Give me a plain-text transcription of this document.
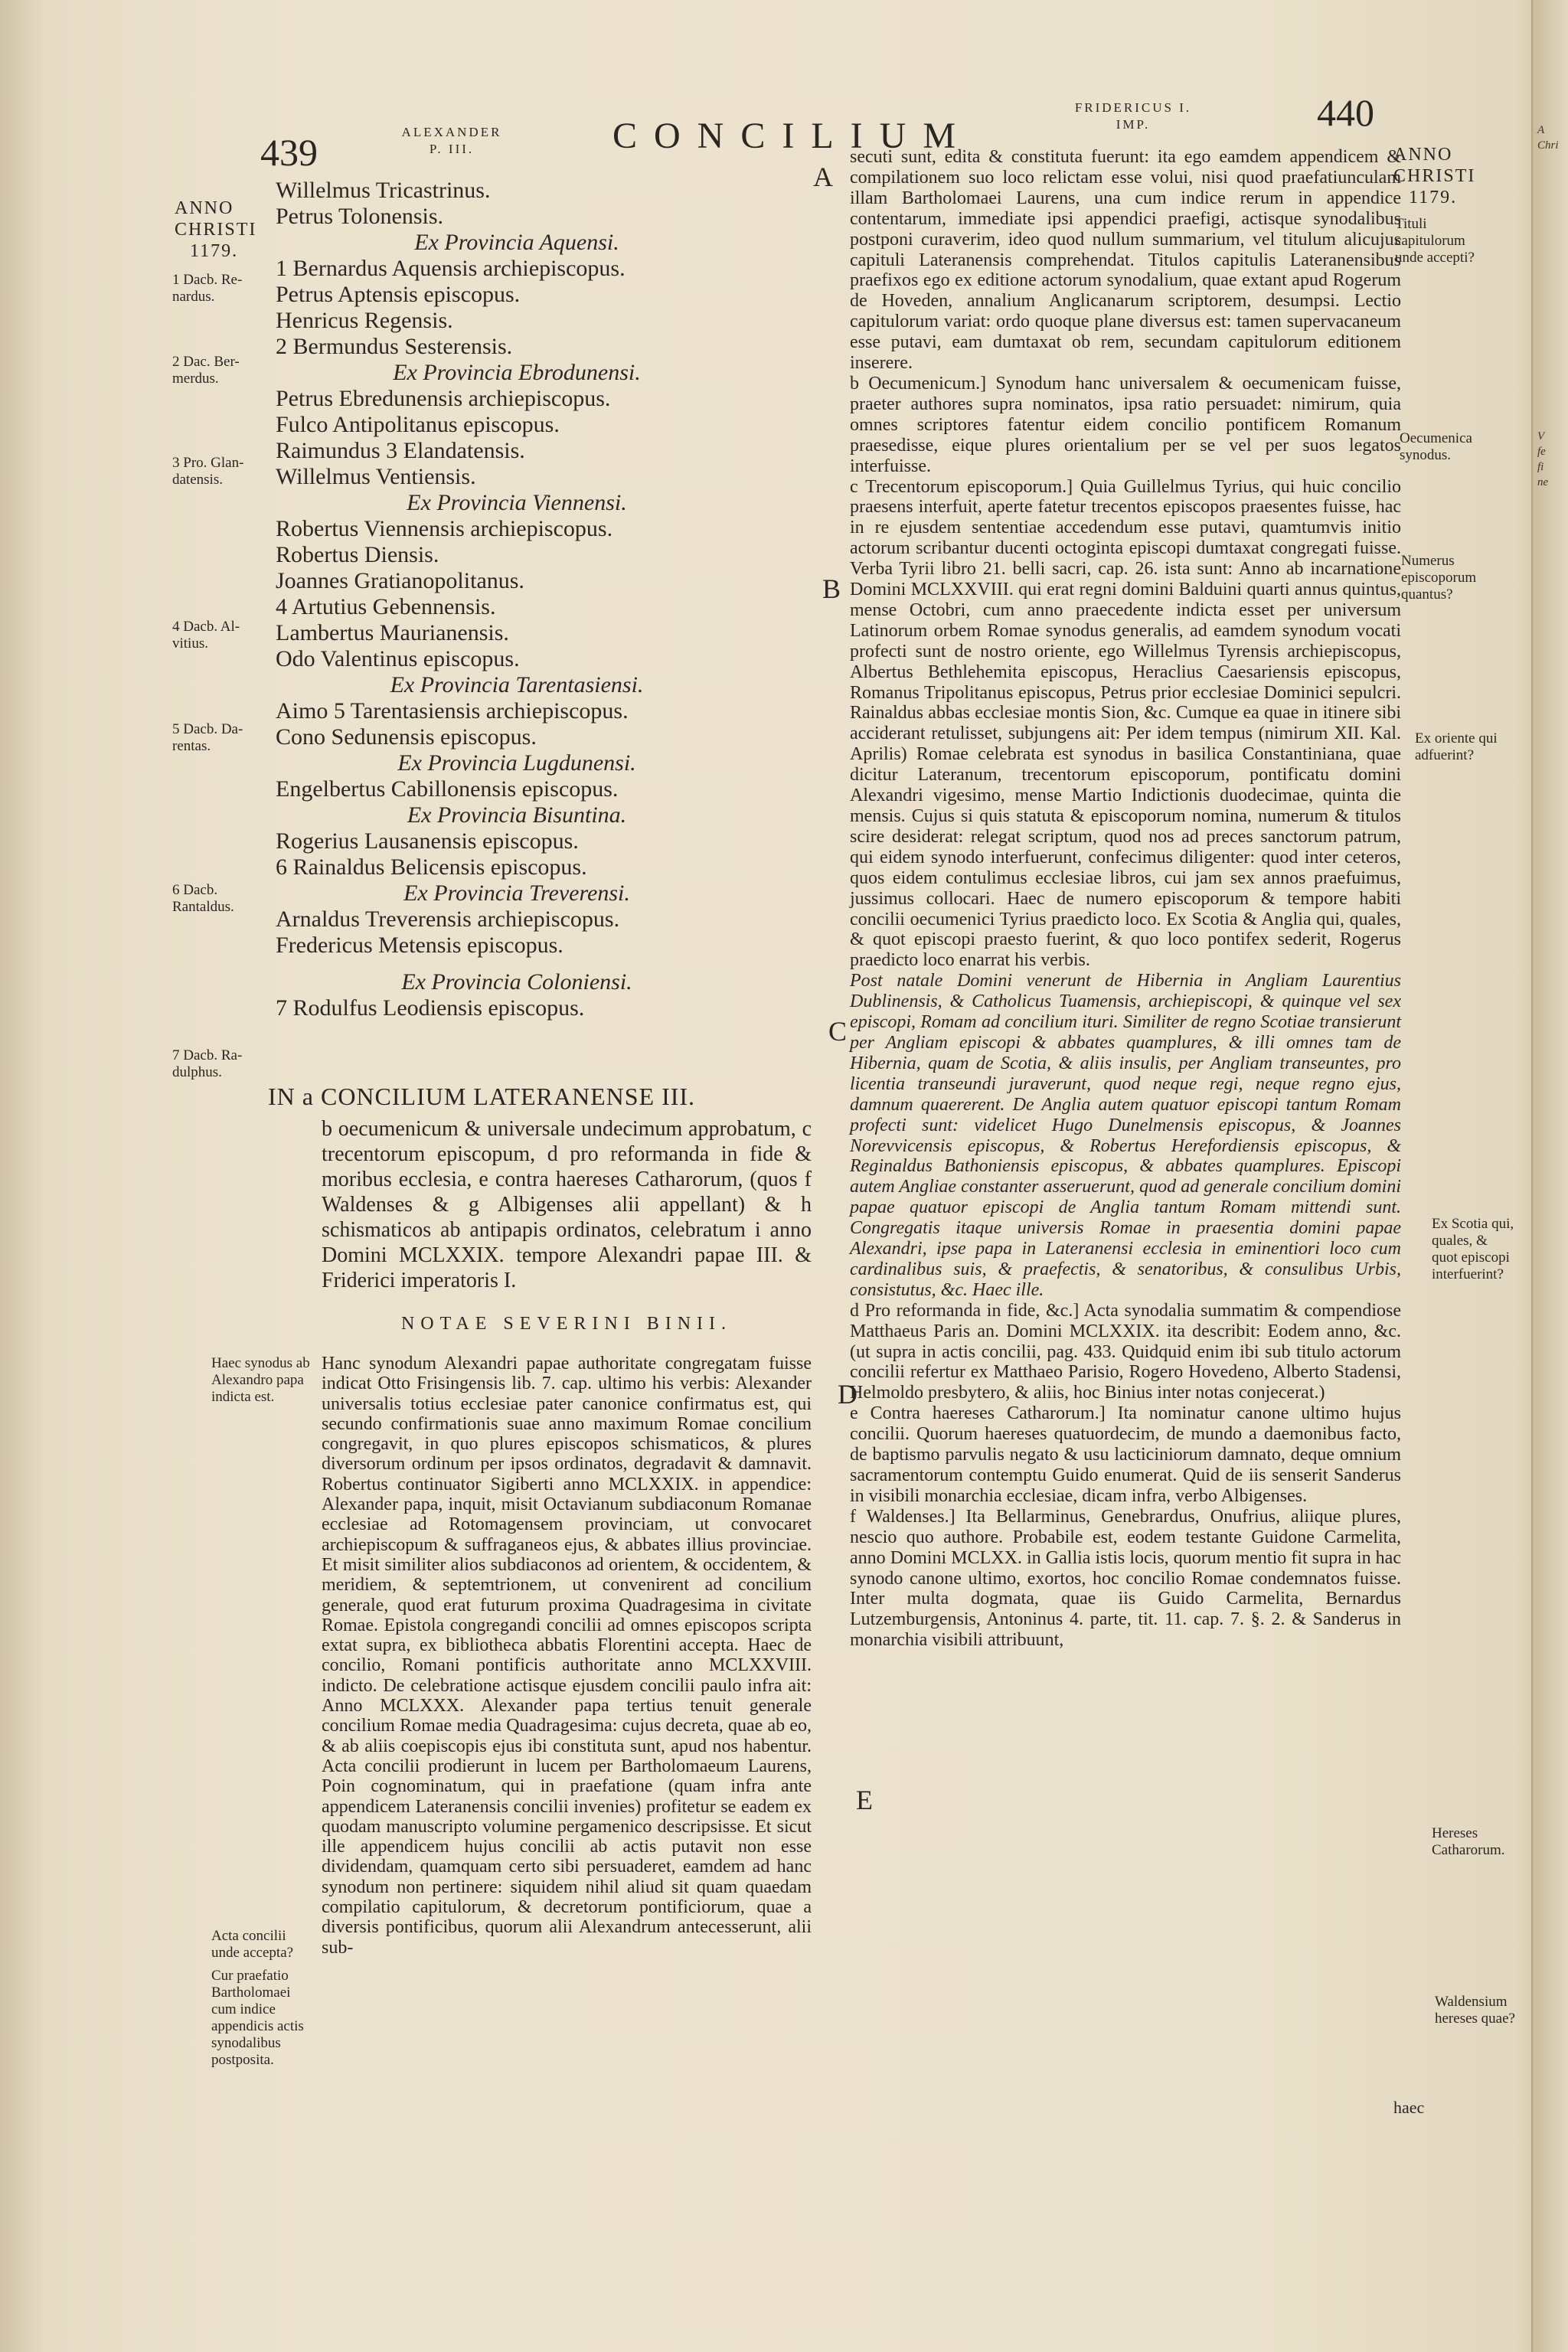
439	ALEXANDER
P. III.	CONCILIUM
FRIDERICUS I.
IMP.	440
ANNO
CHRISTI
1179.
1 Dacb. Re-nardus.
2 Dac. Ber-merdus.
3 Pro. Glan-datensis.
4 Dacb. Al-vitius.
5 Dacb. Da-rentas.
6 Dacb. Rantaldus.
7 Dacb. Ra-dulphus.
Willelmus Tricastrinus.
Petrus Tolonensis.
Ex Provincia Aquensi.
1 Bernardus Aquensis archiepiscopus.
Petrus Aptensis episcopus.
Henricus Regensis.
2 Bermundus Sesterensis.
Ex Provincia Ebrodunensi.
Petrus Ebredunensis archiepiscopus.
Fulco Antipolitanus episcopus.
Raimundus 3 Elandatensis.
Willelmus Ventiensis.
Ex Provincia Viennensi.
Robertus Viennensis archiepiscopus.
Robertus Diensis.
Joannes Gratianopolitanus.
4 Artutius Gebennensis.
Lambertus Maurianensis.
Odo Valentinus episcopus.
Ex Provincia Tarentasiensi.
Aimo 5 Tarentasiensis archiepiscopus.
Cono Sedunensis episcopus.
Ex Provincia Lugdunensi.
Engelbertus Cabillonensis episcopus.
Ex Provincia Bisuntina.
Rogerius Lausanensis episcopus.
6 Rainaldus Belicensis episcopus.
Ex Provincia Treverensi.
Arnaldus Treverensis archiepiscopus.
Fredericus Metensis episcopus.
Ex Provincia Coloniensi.
7 Rodulfus Leodiensis episcopus.
IN a CONCILIUM LATERANENSE III.
b oecumenicum & universale undecimum approbatum, c trecentorum episcopum, d pro reformanda in fide & moribus ecclesia, e contra haereses Catharorum, (quos f Waldenses & g Albigenses alii appellant) & h schismaticos ab antipapis ordinatos, celebratum i anno Domini MCLXXIX. tempore Alexandri papae III. & Friderici imperatoris I.
NOTAE SEVERINI BINII.
Haec synodus ab Alexandro papa indicta est.
Acta concilii unde accepta?
Cur praefatio Bartholomaei cum indice appendicis actis synodalibus postposita.
Hanc synodum Alexandri papae authoritate congregatam fuisse indicat Otto Frisingensis lib. 7. cap. ultimo his verbis: Alexander universalis totius ecclesiae pater canonice confirmatus est, qui secundo confirmationis suae anno maximum Romae concilium congregavit, in quo plures episcopos schismaticos, & plures diversorum ordinum per ipsos ordinatos, degradavit & damnavit. Robertus continuator Sigiberti anno MCLXXIX. in appendice: Alexander papa, inquit, misit Octavianum subdiaconum Romanae ecclesiae ad Rotomagensem provinciam, ut convocaret archiepiscopum & suffraganeos ejus, & abbates illius provinciae. Et misit similiter alios subdiaconos ad orientem, & occidentem, & meridiem, & septemtrionem, ut convenirent ad concilium generale, quod erat futurum proxima Quadragesima in civitate Romae. Epistola congregandi concilii ad omnes episcopos scripta extat supra, ex bibliotheca abbatis Florentini accepta. Haec de concilio, Romani pontificis authoritate anno MCLXXVIII. indicto. De celebratione actisque ejusdem concilii paulo infra ait: Anno MCLXXX. Alexander papa tertius tenuit generale concilium Romae media Quadragesima: cujus decreta, quae ab eo, & ab aliis coepiscopis ejus ibi constituta sunt, apud nos habentur. Acta concilii prodierunt in lucem per Bartholomaeum Laurens, Poin cognominatum, qui in praefatione (quam infra ante appendicem Lateranensis concilii invenies) profitetur se eadem ex quodam manuscripto volumine pergamenico descripsisse. Et sicut ille appendicem hujus concilii ab actis putavit non esse dividendam, quamquam certo sibi persuaderet, eamdem ad hanc synodum non pertinere: siquidem nihil aliud sit quam quaedam compilatio capitulorum, & decretorum pontificiorum, quae a diversis pontificibus, quorum alii Alexandrum antecesserunt, alii sub-
A
B
C
D
E
ANNO
CHRISTI
1179.
Tituli capitulorum unde accepti?
Oecumenica synodus.
Numerus episcoporum quantus?
Ex oriente qui adfuerint?
Ex Scotia qui, quales, & quot episcopi interfuerint?
Hereses Catharorum.
Waldensium hereses quae?

secuti sunt, edita & constituta fuerunt: ita ego eamdem appendicem & compilationem suo loco relictam esse volui, nisi quod praefatiunculam illam Bartholomaei Laurens, una cum indice rerum in appendice contentarum, immediate ipsi appendici praefigi, actisque synodalibus postponi curaverim, ideo quod nullum summarium, vel titulum alicujus capituli Lateranensis comprehendat. Titulos capitulis Lateranensibus praefixos ego ex editione actorum synodalium, quae extant apud Rogerum de Hoveden, annalium Anglicanarum scriptorem, desumpsi. Lectio capitulorum variat: ordo quoque plane diversus est: tamen supervacaneum esse putavi, eam dumtaxat ob rem, secundam capitulorum editionem inserere.

b Oecumenicum.] Synodum hanc universalem & oecumenicam fuisse, praeter authores supra nominatos, ipsa ratio persuadet: nimirum, quia omnes scriptores fatentur eidem concilio pontificem Romanum praesedisse, eique plures orientalium per se vel per suos legatos interfuisse.

c Trecentorum episcoporum.] Quia Guillelmus Tyrius, qui huic concilio praesens interfuit, aperte fatetur trecentos episcopos praesentes fuisse, hac in re ejusdem sententiae accedendum esse putavi, quamtumvis initio actorum scribantur ducenti octoginta episcopi dumtaxat congregati fuisse. Verba Tyrii libro 21. belli sacri, cap. 26. ista sunt: Anno ab incarnatione Domini MCLXXVIII. qui erat regni domini Balduini quarti annus quintus, mense Octobri, cum anno praecedente indicta esset per universum Latinorum orbem Romae synodus generalis, ad eamdem synodum vocati profecti sunt de nostro oriente, ego Willelmus Tyrensis archiepiscopus, Albertus Bethlehemita episcopus, Heraclius Caesariensis episcopus, Romanus Tripolitanus episcopus, Petrus prior ecclesiae Dominici sepulcri. Rainaldus abbas ecclesiae montis Sion, &c. Cumque ea quae in itinere sibi acciderant retulisset, subjungens ait: Per idem tempus (nimirum XII. Kal. Aprilis) Romae celebrata est synodus in basilica Constantiniana, quae dicitur Lateranum, trecentorum episcoporum, pontificatu domini Alexandri vigesimo, mense Martio Indictionis duodecimae, quinta die mensis. Cujus si quis statuta & episcoporum nomina, numerum & titulos scire desiderat: relegat scriptum, quod nos ad preces sanctorum patrum, qui eidem synodo interfuerunt, confecimus diligenter: quod inter ceteros, quos eidem contulimus ecclesiae libros, cui jam sex annos praefuimus, jussimus collocari. Haec de numero episcoporum & tempore habiti concilii oecumenici Tyrius praedicto loco. Ex Scotia & Anglia qui, quales, & quot episcopi praesto fuerint, & quo loco pontifex sederit, Rogerus praedicto loco enarrat his verbis.

Post natale Domini venerunt de Hibernia in Angliam Laurentius Dublinensis, & Catholicus Tuamensis, archiepiscopi, & quinque vel sex episcopi, Romam ad concilium ituri. Similiter de regno Scotiae transierunt per Angliam episcopi & abbates quamplures, & illi omnes tam de Hibernia, quam de Scotia, & aliis insulis, per Angliam transeuntes, pro licentia transeundi juraverunt, quod neque regi, neque regno ejus, damnum quaererent. De Anglia autem quatuor episcopi tantum Romam profecti sunt: videlicet Hugo Dunelmensis episcopus, & Joannes Norevvicensis episcopus, & Robertus Herefordiensis episcopus, & Reginaldus Bathoniensis episcopus, & abbates quamplures. Episcopi autem Angliae constanter asseruerunt, quod ad generale concilium domini papae quatuor episcopi de Anglia tantum Romam mittendi sunt. Congregatis itaque universis Romae in praesentia domini papae Alexandri, ipse papa in Lateranensi ecclesia in eminentiori loco cum cardinalibus suis, & praefectis, & senatoribus, & consulibus Urbis, consistutus, &c. Haec ille.

d Pro reformanda in fide, &c.] Acta synodalia summatim & compendiose Matthaeus Paris an. Domini MCLXXIX. ita describit: Eodem anno, &c. (ut supra in actis concilii, pag. 433. Quidquid enim ibi sub titulo actorum concilii refertur ex Matthaeo Parisio, Rogero Hovedeno, Alberto Stadensi, Helmoldo presbytero, & aliis, hoc Binius inter notas conjecerat.)

e Contra haereses Catharorum.] Ita nominatur canone ultimo hujus concilii. Quorum haereses quatuordecim, de mundo a daemonibus facto, de baptismo parvulis negato & usu lacticiniorum damnato, deque omnium sacramentorum contemptu Guido enumerat. Quid de iis senserit Sanderus in visibili monarchia ecclesiae, dicam infra, verbo Albigenses.

f Waldenses.] Ita Bellarminus, Genebrardus, Onufrius, aliique plures, nescio quo authore. Probabile est, eodem testante Guidone Carmelita, anno Domini MCLXX. in Gallia istis locis, quorum mentio fit supra in hac synodo canone ultimo, exortos, hoc concilio Romae condemnatos fuisse. Inter multa dogmata, quae iis Guido Carmelita, Bernardus Lutzemburgensis, Antoninus 4. parte, tit. 11. cap. 7. §. 2. & Sanderus in monarchia visibili attribuunt,

haec
A
Chri
V
fe
fi
ne
